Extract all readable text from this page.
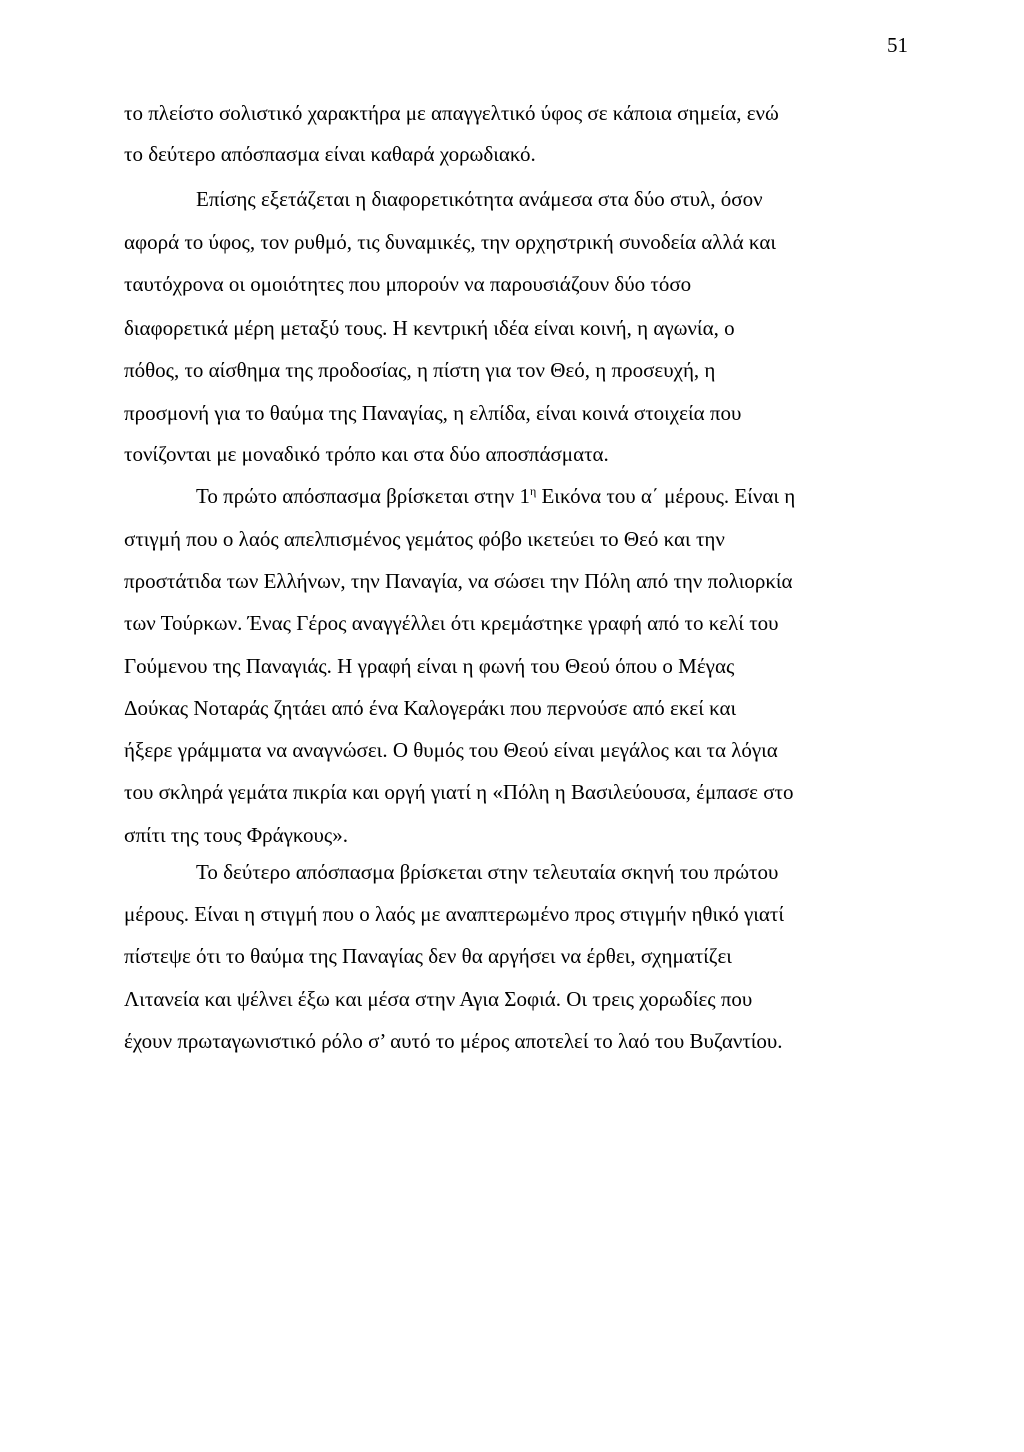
51
το πλείστο σολιστικό χαρακτήρα με απαγγελτικό ύφος σε κάποια σημεία, ενώ
το δεύτερο απόσπασμα είναι καθαρά χορωδιακό.
Επίσης εξετάζεται η διαφορετικότητα ανάμεσα στα δύο στυλ, όσον
αφορά το ύφος, τον ρυθμό, τις δυναμικές, την ορχηστρική συνοδεία αλλά και
ταυτόχρονα οι ομοιότητες που μπορούν να παρουσιάζουν δύο τόσο
διαφορετικά μέρη μεταξύ τους. Η κεντρική ιδέα είναι κοινή, η αγωνία, ο
πόθος, το αίσθημα της προδοσίας, η πίστη για τον Θεό, η προσευχή, η
προσμονή για το θαύμα της Παναγίας, η ελπίδα, είναι κοινά στοιχεία που
τονίζονται με μοναδικό τρόπο και στα δύο αποσπάσματα.
Το πρώτο απόσπασμα βρίσκεται στην $1^\eta$ Εικόνα του α΄ μέρους. Είναι η
στιγμή που ο λαός απελπισμένος γεμάτος φόβο ικετεύει το Θεό και την
προστάτιδα των Ελλήνων, την Παναγία, να σώσει την Πόλη από την πολιορκία
των Τούρκων. Ένας Γέρος αναγγέλλει ότι κρεμάστηκε γραφή από το κελί του
Γούμενου της Παναγιάς. Η γραφή είναι η φωνή του Θεού όπου ο Μέγας
Δούκας Νοταράς ζητάει από ένα Καλογεράκι που περνούσε από εκεί και
ήξερε γράμματα να αναγνώσει. Ο θυμός του Θεού είναι μεγάλος και τα λόγια
του σκληρά γεμάτα πικρία και οργή γιατί η «Πόλη η Βασιλεύουσα, έμπασε στο
σπίτι της τους Φράγκους».
Το δεύτερο απόσπασμα βρίσκεται στην τελευταία σκηνή του πρώτου
μέρους. Είναι η στιγμή που ο λαός με αναπτερωμένο προς στιγμήν ηθικό γιατί
πίστεψε ότι το θαύμα της Παναγίας δεν θα αργήσει να έρθει, σχηματίζει
Λιτανεία και ψέλνει έξω και μέσα στην Αγια Σοφιά. Οι τρεις χορωδίες που
έχουν πρωταγωνιστικό ρόλο σ’ αυτό το μέρος αποτελεί το λαό του Βυζαντίου.
